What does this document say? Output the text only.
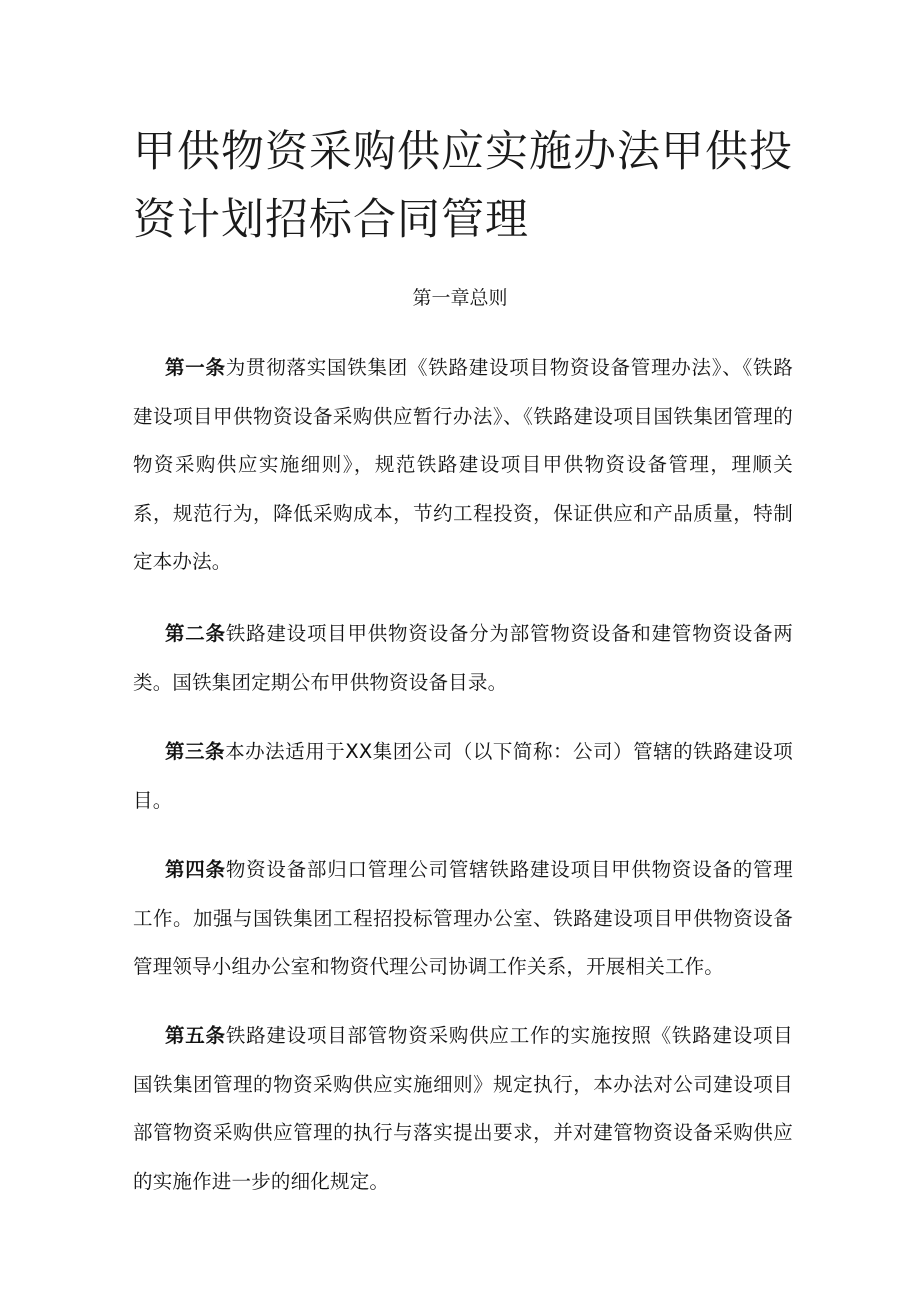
甲供物资采购供应实施办法甲供投资计划招标合同管理
第一章总则

第一条为贯彻落实国铁集团《铁路建设项目物资设备管理办法》、《铁路建设项目甲供物资设备采购供应暂行办法》、《铁路建设项目国铁集团管理的物资采购供应实施细则》，规范铁路建设项目甲供物资设备管理，理顺关系，规范行为，降低采购成本，节约工程投资，保证供应和产品质量，特制定本办法。

第二条铁路建设项目甲供物资设备分为部管物资设备和建管物资设备两类。国铁集团定期公布甲供物资设备目录。

第三条本办法适用于XX集团公司（以下简称：公司）管辖的铁路建设项目。

第四条物资设备部归口管理公司管辖铁路建设项目甲供物资设备的管理工作。加强与国铁集团工程招投标管理办公室、铁路建设项目甲供物资设备管理领导小组办公室和物资代理公司协调工作关系，开展相关工作。

第五条铁路建设项目部管物资采购供应工作的实施按照《铁路建设项目国铁集团管理的物资采购供应实施细则》规定执行，本办法对公司建设项目部管物资采购供应管理的执行与落实提出要求，并对建管物资设备采购供应的实施作进一步的细化规定。
